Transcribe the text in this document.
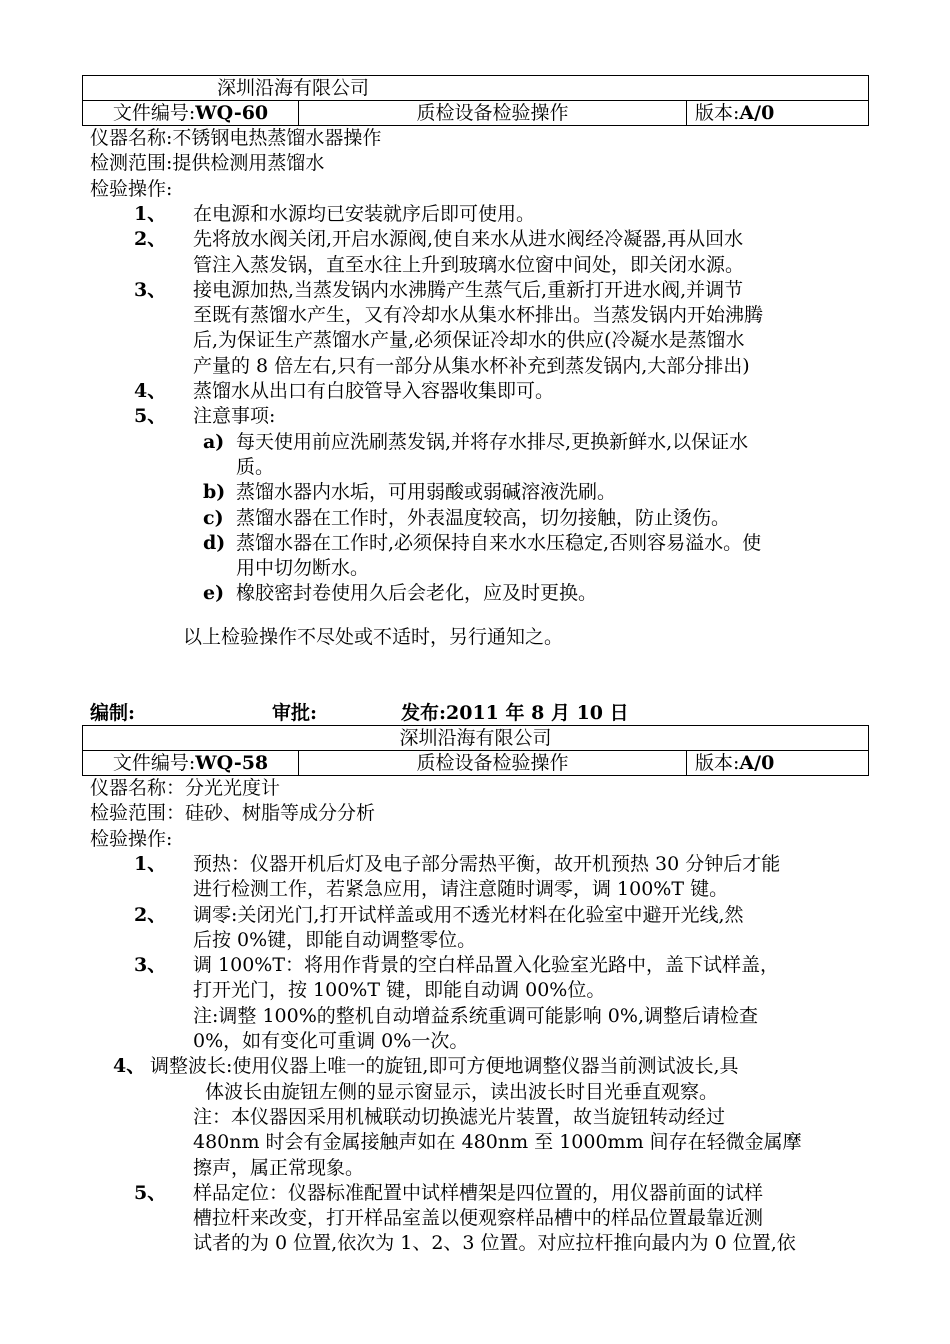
深圳沿海有限公司
文件编号:WQ-60	质检设备检验操作	版本:A/0
仪器名称:不锈钢电热蒸馏水器操作
检测范围:提供检测用蒸馏水
检验操作:
1、 在电源和水源均已安装就序后即可使用。
2、 先将放水阀关闭,开启水源阀,使自来水从进水阀经冷凝器,再从回水
管注入蒸发锅，直至水往上升到玻璃水位窗中间处，即关闭水源。
3、 接电源加热,当蒸发锅内水沸腾产生蒸气后,重新打开进水阀,并调节
至既有蒸馏水产生，又有冷却水从集水杯排出。当蒸发锅内开始沸腾
后,为保证生产蒸馏水产量,必须保证冷却水的供应(冷凝水是蒸馏水
产量的 8 倍左右,只有一部分从集水杯补充到蒸发锅内,大部分排出)
4、 蒸馏水从出口有白胶管导入容器收集即可。
5、 注意事项:
a) 每天使用前应洗刷蒸发锅,并将存水排尽,更换新鲜水,以保证水
质。
b) 蒸馏水器内水垢，可用弱酸或弱碱溶液洗刷。
c) 蒸馏水器在工作时，外表温度较高，切勿接触，防止烫伤。
d) 蒸馏水器在工作时,必须保持自来水水压稳定,否则容易溢水。使
用中切勿断水。
e) 橡胶密封卷使用久后会老化，应及时更换。
以上检验操作不尽处或不适时，另行通知之。
编制:	审批:	发布:2011 年 8 月 10 日
深圳沿海有限公司
文件编号:WQ-58	质检设备检验操作	版本:A/0
仪器名称：分光光度计
检验范围：硅砂、树脂等成分分析
检验操作:
1、 预热：仪器开机后灯及电子部分需热平衡，故开机预热 30 分钟后才能
进行检测工作，若紧急应用，请注意随时调零，调 100%T 键。
2、 调零:关闭光门,打开试样盖或用不透光材料在化验室中避开光线,然
后按 0%键，即能自动调整零位。
3、 调 100%T：将用作背景的空白样品置入化验室光路中，盖下试样盖，
打开光门，按 100%T 键，即能自动调 00%位。
注:调整 100%的整机自动增益系统重调可能影响 0%,调整后请检查
0%，如有变化可重调 0%一次。
4、 调整波长:使用仪器上唯一的旋钮,即可方便地调整仪器当前测试波长,具
体波长由旋钮左侧的显示窗显示，读出波长时目光垂直观察。
注：本仪器因采用机械联动切换滤光片装置，故当旋钮转动经过
480nm 时会有金属接触声如在 480nm 至 1000mm 间存在轻微金属摩
擦声，属正常现象。
5、 样品定位：仪器标准配置中试样槽架是四位置的，用仪器前面的试样
槽拉杆来改变，打开样品室盖以便观察样品槽中的样品位置最靠近测
试者的为 0 位置,依次为 1、2、3 位置。对应拉杆推向最内为 0 位置,依
